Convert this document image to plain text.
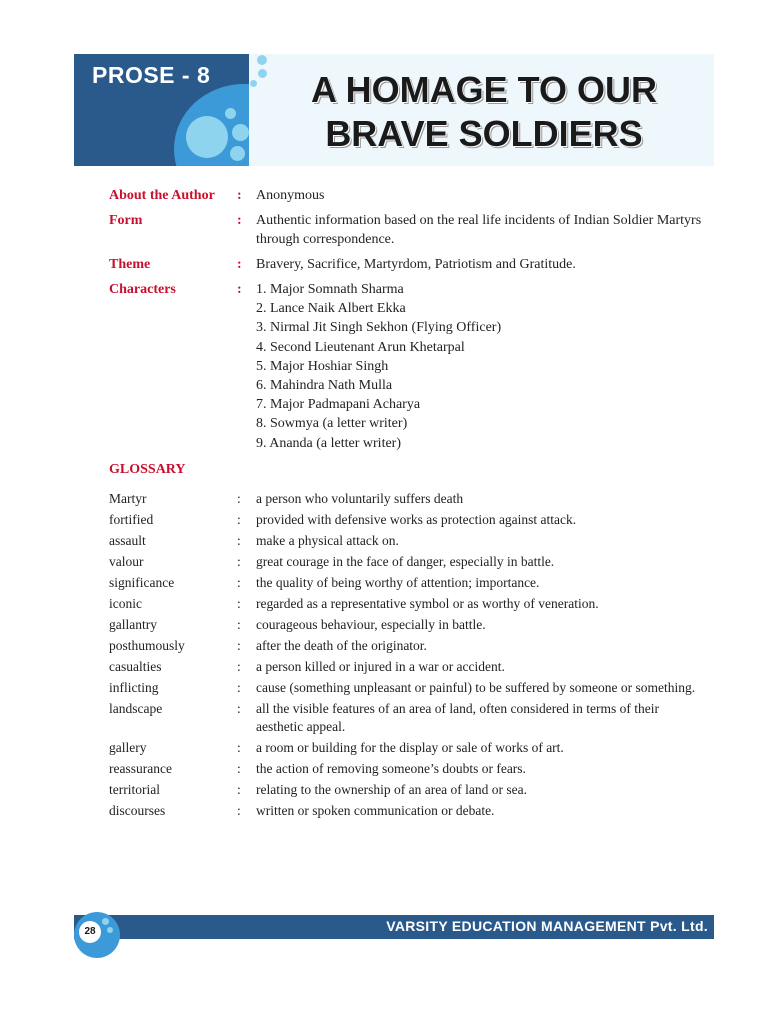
PROSE - 8	A HOMAGE TO OUR
BRAVE SOLDIERS
About the Author	:	Anonymous
Form	:	Authentic information based on the real life incidents of Indian Soldier Martyrs through correspondence.
Theme	:	Bravery, Sacrifice, Martyrdom, Patriotism and Gratitude.
Characters	:	1. Major Somnath Sharma
2. Lance Naik Albert Ekka
3. Nirmal Jit Singh Sekhon (Flying Officer)
4. Second Lieutenant Arun Khetarpal
5. Major Hoshiar Singh
6. Mahindra Nath Mulla
7. Major Padmapani Acharya
8. Sowmya (a letter writer)
9. Ananda (a letter writer)
GLOSSARY
Martyr	:	a person who voluntarily suffers death
fortified	:	provided with defensive works as protection against attack.
assault	:	make a physical attack on.
valour	:	great courage in the face of danger, especially in battle.
significance	:	the quality of being worthy of attention; importance.
iconic	:	regarded as a representative symbol or as worthy of veneration.
gallantry	:	courageous behaviour, especially in battle.
posthumously	:	after the death of the originator.
casualties	:	a person killed or injured in a war or accident.
inflicting	:	cause (something unpleasant or painful) to be suffered by someone or something.
landscape	:	all the visible features of an area of land, often considered in terms of their aesthetic appeal.
gallery	:	a room or building for the display or sale of works of art.
reassurance	:	the action of removing someone’s doubts or fears.
territorial	:	relating to the ownership of an area of land or sea.
discourses	:	written or spoken communication or debate.
VARSITY EDUCATION MANAGEMENT Pvt. Ltd.
28
